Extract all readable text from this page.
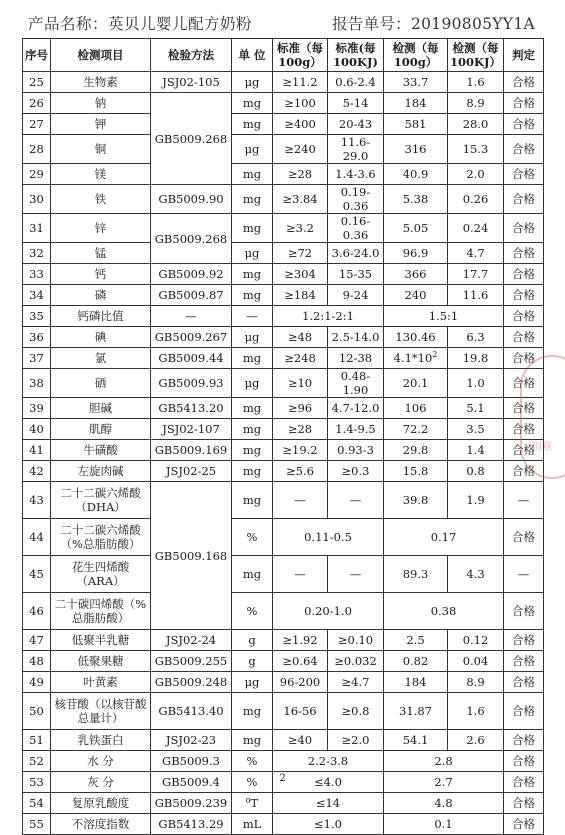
产品名称：英贝儿婴儿配方奶粉	报告单号：20190805YY1A
序号	检测项目	检验方法	单 位	标准（每100g）	标准(每100KJ)	检测（每100g）	检测（每100KJ）	判定
25	生物素	JSJ02-105	μg	≥11.2	0.6-2.4	33.7	1.6	合格
26	钠	GB5009.268	mg	≥100	5-14	184	8.9	合格
27	钾		mg	≥400	20-43	581	28.0	合格
28	铜		μg	≥240	11.6-29.0	316	15.3	合格
29	镁		mg	≥28	1.4-3.6	40.9	2.0	合格
30	铁	GB5009.90	mg	≥3.84	0.19-0.36	5.38	0.26	合格
31	锌	GB5009.268	mg	≥3.2	0.16-0.36	5.05	0.24	合格
32	锰		μg	≥72	3.6-24.0	96.9	4.7	合格
33	钙	GB5009.92	mg	≥304	15-35	366	17.7	合格
34	磷	GB5009.87	mg	≥184	9-24	240	11.6	合格
35	钙磷比值	—	—	1.2:1-2:1		1.5:1		合格
36	碘	GB5009.267	μg	≥48	2.5-14.0	130.46	6.3	合格
37	氯	GB5009.44	mg	≥248	12-38	$4.1*10^2$	19.8	合格
38	硒	GB5009.93	μg	≥10	0.48-1.90	20.1	1.0	合格
39	胆碱	GB5413.20	mg	≥96	4.7-12.0	106	5.1	合格
40	肌醇	JSJ02-107	mg	≥28	1.4-9.5	72.2	3.5	合格
41	牛磺酸	GB5009.169	mg	≥19.2	0.93-3	29.8	1.4	合格
42	左旋肉碱	JSJ02-25	mg	≥5.6	≥0.3	15.8	0.8	合格
43	二十二碳六烯酸（DHA）	GB5009.168	mg	—	—	39.8	1.9	—
44	二十二碳六烯酸（%总脂肪酸）		%	0.11-0.5		0.17		合格
45	花生四烯酸（ARA）		mg	—	—	89.3	4.3	—
46	二十碳四烯酸（%总脂肪酸）		%	0.20-1.0		0.38		合格
47	低聚半乳糖	JSJ02-24	g	≥1.92	≥0.10	2.5	0.12	合格
48	低聚果糖	GB5009.255	g	≥0.64	≥0.032	0.82	0.04	合格
49	叶黄素	GB5009.248	μg	96-200	≥4.7	184	8.9	合格
50	核苷酸（以核苷酸总量计）	GB5413.40	mg	16-56	≥0.8	31.87	1.6	合格
51	乳铁蛋白	JSJ02-23	mg	≥40	≥2.0	54.1	2.6	合格
52	水 分	GB5009.3	%	2.2-3.8		2.8		合格
53	灰 分	GB5009.4	%	≤4.0		2.7		合格
54	复原乳酸度	GB5009.239	⁰T	≤14		4.8		合格
55	不溶度指数	GB5413.29	mL	≤1.0		0.1		合格
用章
2
